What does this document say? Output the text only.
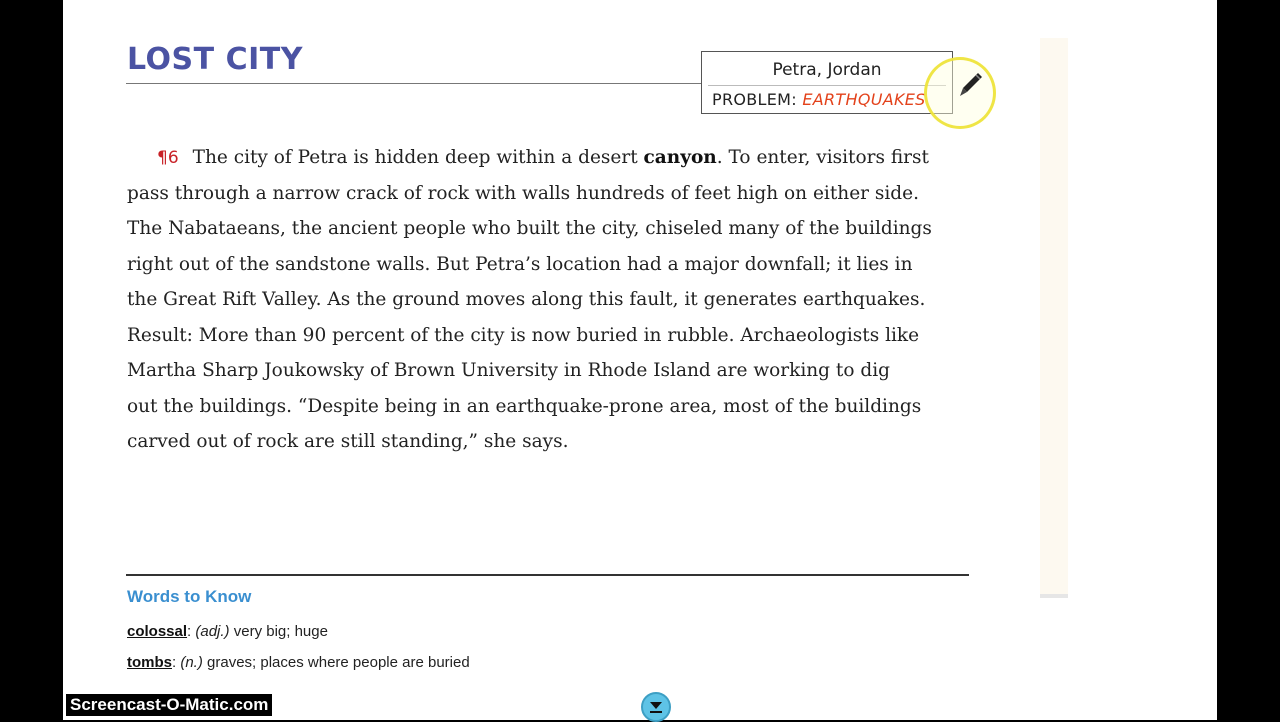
LOST CITY	Petra, Jordan
PROBLEM: EARTHQUAKES

¶6 The city of Petra is hidden deep within a desert canyon. To enter, visitors first

pass through a narrow crack of rock with walls hundreds of feet high on either side.

The Nabataeans, the ancient people who built the city, chiseled many of the buildings

right out of the sandstone walls. But Petra’s location had a major downfall; it lies in

the Great Rift Valley. As the ground moves along this fault, it generates earthquakes.

Result: More than 90 percent of the city is now buried in rubble. Archaeologists like

Martha Sharp Joukowsky of Brown University in Rhode Island are working to dig

out the buildings. “Despite being in an earthquake-prone area, most of the buildings

carved out of rock are still standing,” she says.

Words to Know
colossal: (adj.) very big; huge
tombs: (n.) graves; places where people are buried
Screencast-O-Matic.com
